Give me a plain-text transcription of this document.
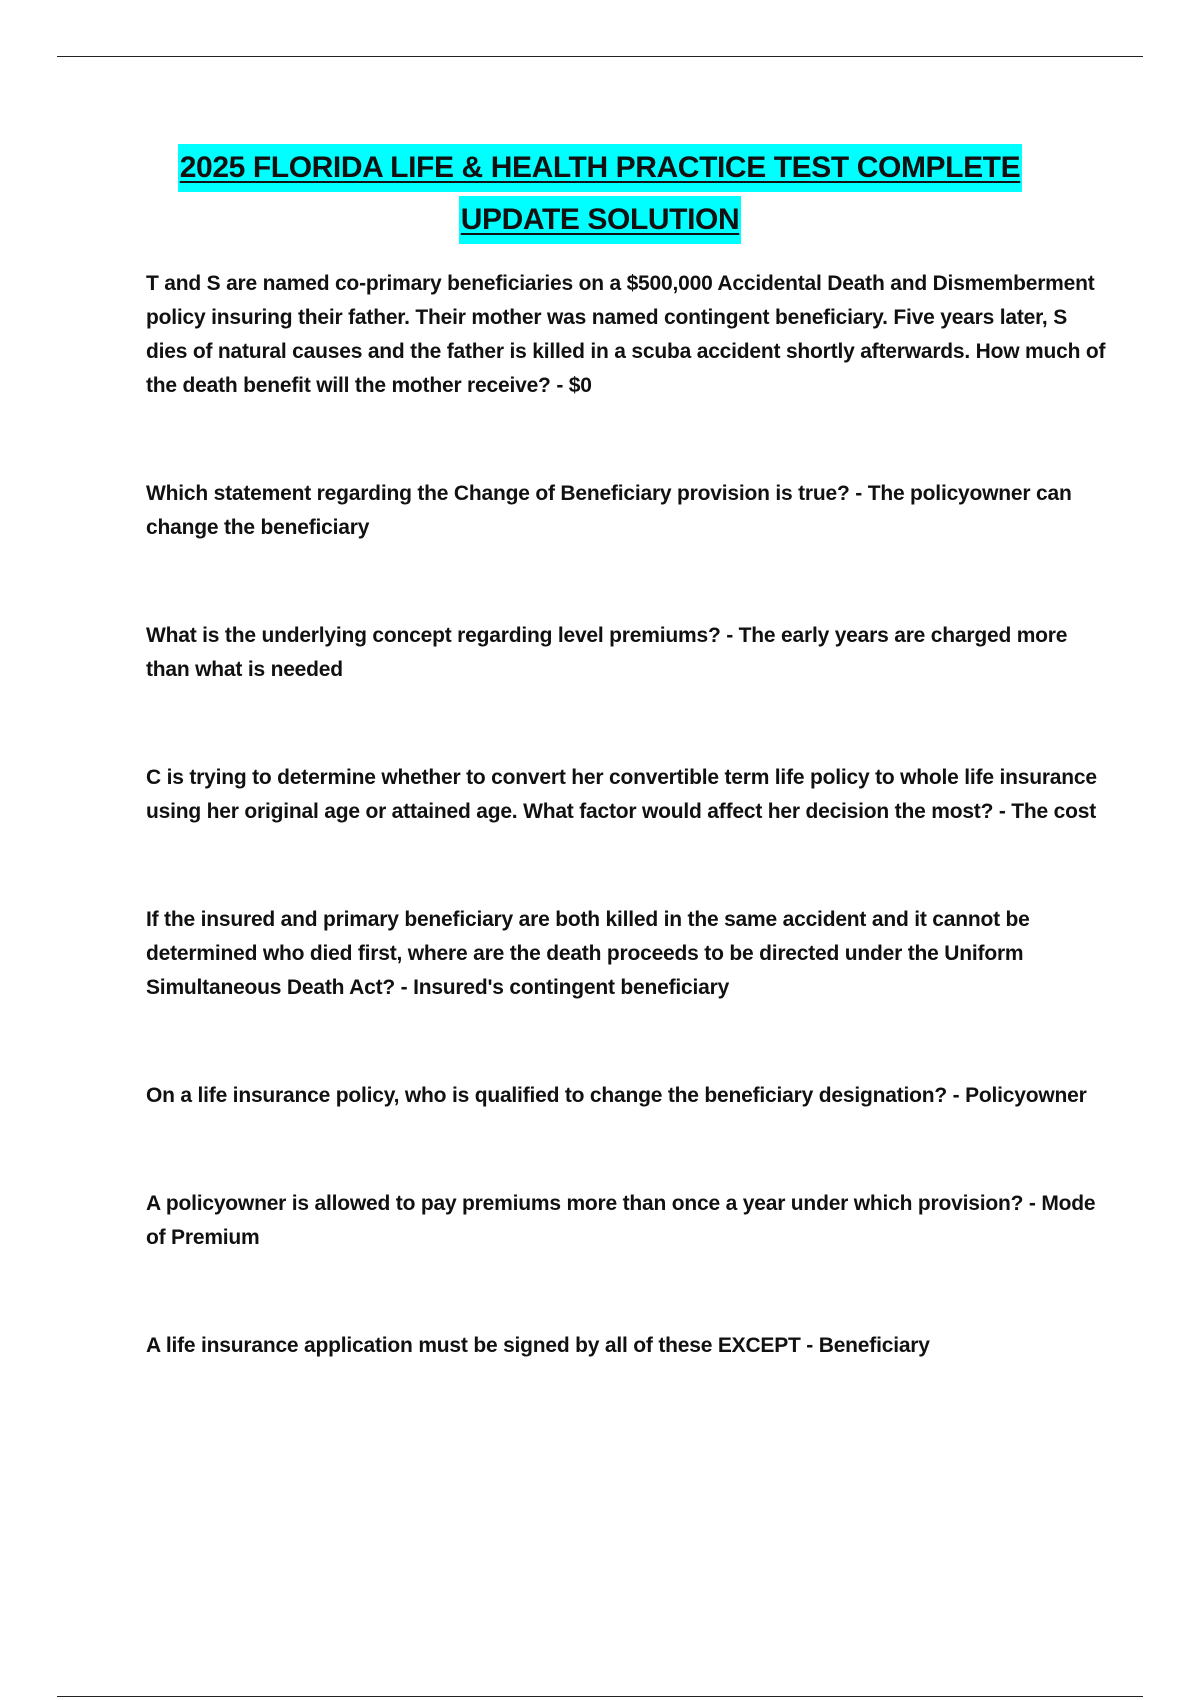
2025 FLORIDA LIFE & HEALTH PRACTICE TEST COMPLETE
UPDATE SOLUTION

T and S are named co-primary beneficiaries on a $500,000 Accidental Death and Dismemberment policy insuring their father. Their mother was named contingent beneficiary. Five years later, S dies of natural causes and the father is killed in a scuba accident shortly afterwards. How much of the death benefit will the mother receive? - $0

Which statement regarding the Change of Beneficiary provision is true? - The policyowner can change the beneficiary

What is the underlying concept regarding level premiums? - The early years are charged more than what is needed

C is trying to determine whether to convert her convertible term life policy to whole life insurance using her original age or attained age. What factor would affect her decision the most? - The cost

If the insured and primary beneficiary are both killed in the same accident and it cannot be determined who died first, where are the death proceeds to be directed under the Uniform Simultaneous Death Act? - Insured's contingent beneficiary

On a life insurance policy, who is qualified to change the beneficiary designation? - Policyowner

A policyowner is allowed to pay premiums more than once a year under which provision? - Mode of Premium

A life insurance application must be signed by all of these EXCEPT - Beneficiary
